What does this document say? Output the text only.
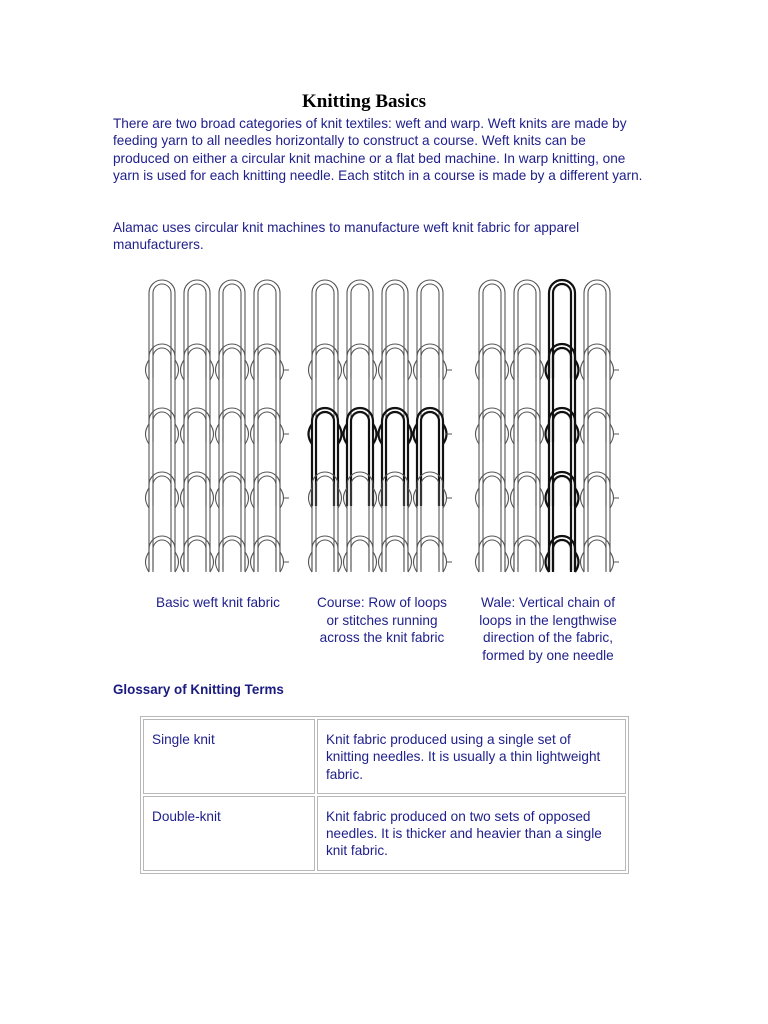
Knitting Basics

There are two broad categories of knit textiles: weft and warp. Weft knits are made by feeding yarn to all needles horizontally to construct a course. Weft knits can be produced on either a circular knit machine or a flat bed machine. In warp knitting, one yarn is used for each knitting needle. Each stitch in a course is made by a different yarn.

Alamac uses circular knit machines to manufacture weft knit fabric for apparel manufacturers.

Basic weft knit fabric	Course: Row of loops
or stitches running
across the knit fabric

Wale: Vertical chain of
loops in the lengthwise
direction of the fabric,
formed by one needle

Glossary of Knitting Terms

Single knit	Knit fabric produced using a single set of knitting needles. It is usually a thin lightweight fabric.
Double-knit	Knit fabric produced on two sets of opposed needles. It is thicker and heavier than a single knit fabric.
